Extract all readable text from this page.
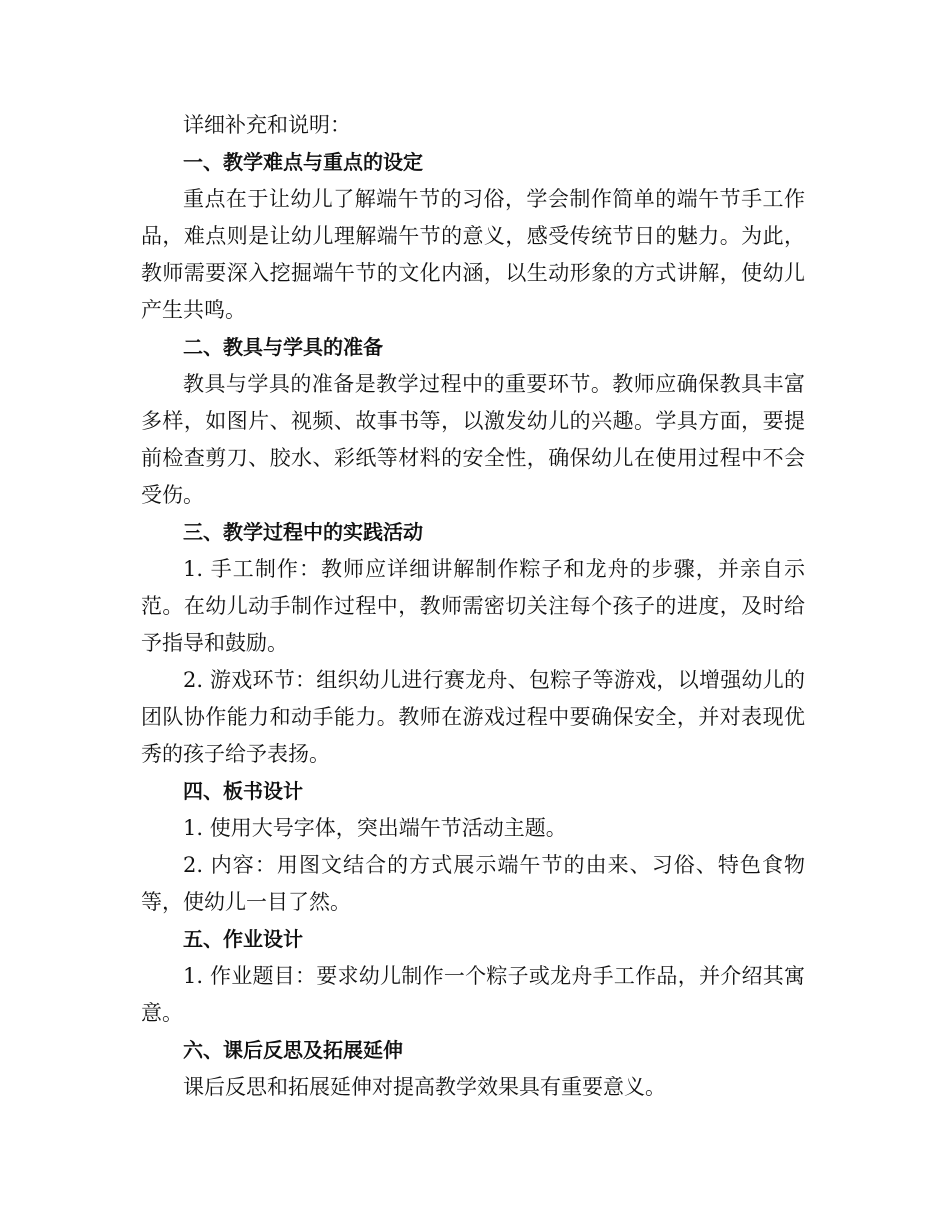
详细补充和说明：

一、教学难点与重点的设定

重点在于让幼儿了解端午节的习俗，学会制作简单的端午节手工作品，难点则是让幼儿理解端午节的意义，感受传统节日的魅力。为此，教师需要深入挖掘端午节的文化内涵，以生动形象的方式讲解，使幼儿产生共鸣。

二、教具与学具的准备

教具与学具的准备是教学过程中的重要环节。教师应确保教具丰富多样，如图片、视频、故事书等，以激发幼儿的兴趣。学具方面，要提前检查剪刀、胶水、彩纸等材料的安全性，确保幼儿在使用过程中不会受伤。

三、教学过程中的实践活动

1. 手工制作：教师应详细讲解制作粽子和龙舟的步骤，并亲自示范。在幼儿动手制作过程中，教师需密切关注每个孩子的进度，及时给予指导和鼓励。

2. 游戏环节：组织幼儿进行赛龙舟、包粽子等游戏，以增强幼儿的团队协作能力和动手能力。教师在游戏过程中要确保安全，并对表现优秀的孩子给予表扬。

四、板书设计

1. 使用大号字体，突出端午节活动主题。

2. 内容：用图文结合的方式展示端午节的由来、习俗、特色食物等，使幼儿一目了然。

五、作业设计

1. 作业题目：要求幼儿制作一个粽子或龙舟手工作品，并介绍其寓意。

六、课后反思及拓展延伸

课后反思和拓展延伸对提高教学效果具有重要意义。
